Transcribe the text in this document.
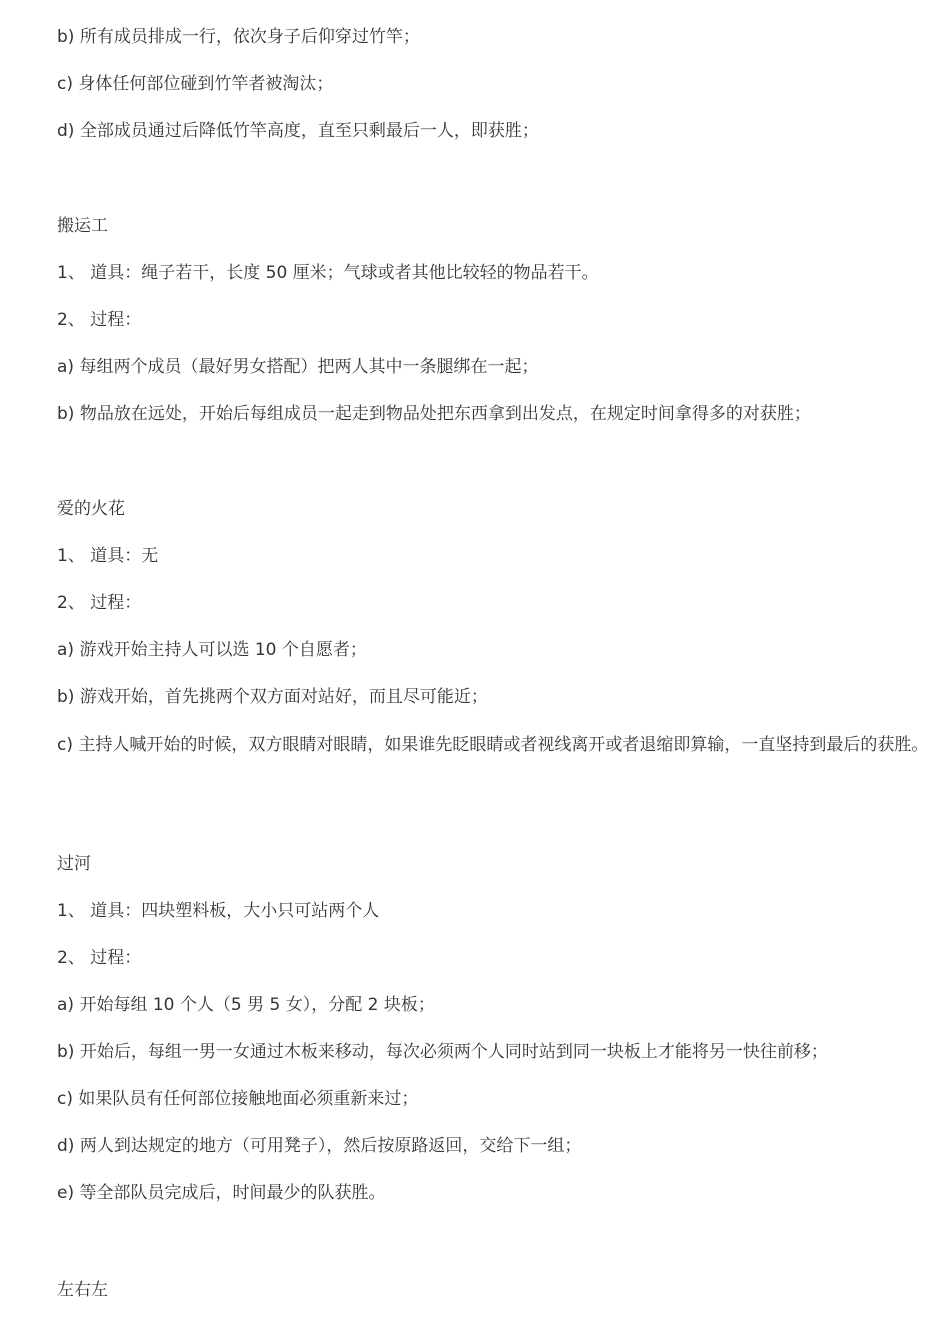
b) 所有成员排成一行，依次身子后仰穿过竹竿；

c) 身体任何部位碰到竹竿者被淘汰；

d) 全部成员通过后降低竹竿高度，直至只剩最后一人，即获胜；

搬运工

1、 道具：绳子若干，长度 50 厘米；气球或者其他比较轻的物品若干。

2、 过程：

a) 每组两个成员（最好男女搭配）把两人其中一条腿绑在一起；

b) 物品放在远处，开始后每组成员一起走到物品处把东西拿到出发点，在规定时间拿得多的对获胜；

爱的火花

1、 道具：无

2、 过程：

a) 游戏开始主持人可以选 10 个自愿者；

b) 游戏开始，首先挑两个双方面对站好，而且尽可能近；

c) 主持人喊开始的时候，双方眼睛对眼睛，如果谁先眨眼睛或者视线离开或者退缩即算输，一直坚持到最后的获胜。

过河

1、 道具：四块塑料板，大小只可站两个人

2、 过程：

a) 开始每组 10 个人（5 男 5 女），分配 2 块板；

b) 开始后，每组一男一女通过木板来移动，每次必须两个人同时站到同一块板上才能将另一快往前移；

c) 如果队员有任何部位接触地面必须重新来过；

d) 两人到达规定的地方（可用凳子），然后按原路返回，交给下一组；

e) 等全部队员完成后，时间最少的队获胜。

左右左
